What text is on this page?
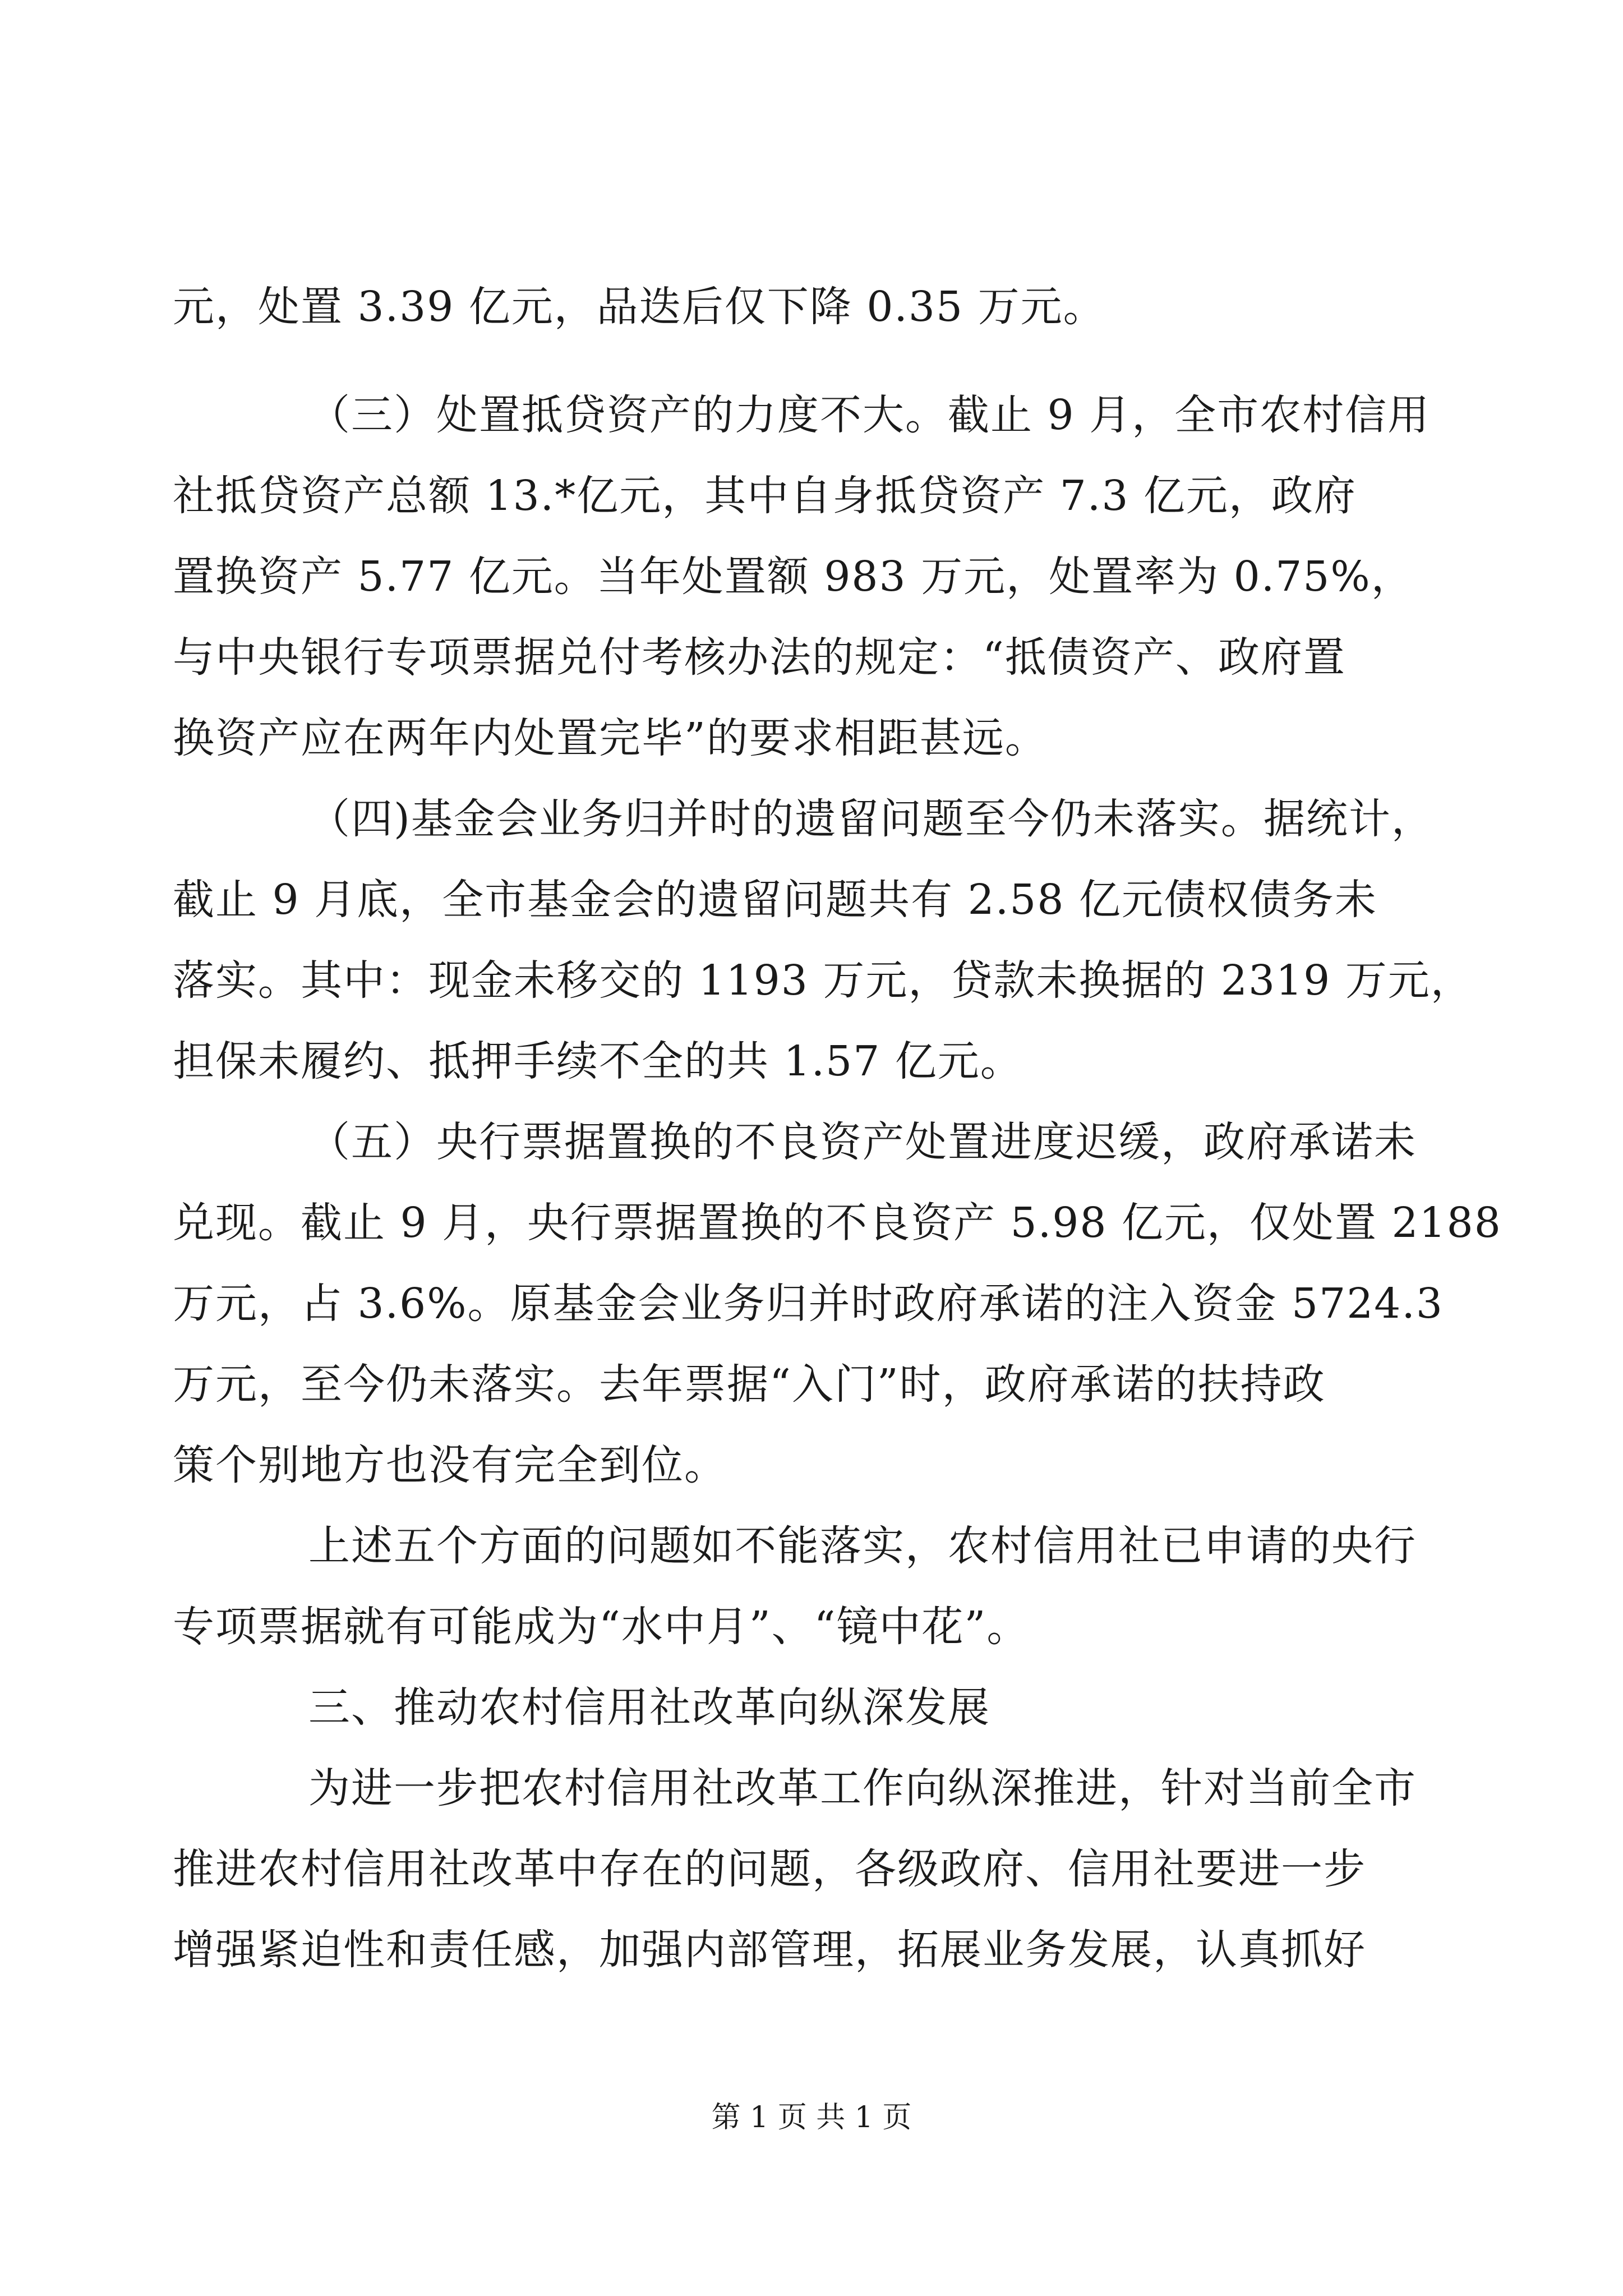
元，处置 3.39 亿元，品迭后仅下降 0.35 万元。
（三）处置抵贷资产的力度不大。截止 9 月，全市农村信用
社抵贷资产总额 13.*亿元，其中自身抵贷资产 7.3 亿元，政府
置换资产 5.77 亿元。当年处置额 983 万元，处置率为 0.75%，
与中央银行专项票据兑付考核办法的规定：“抵债资产、政府置
换资产应在两年内处置完毕”的要求相距甚远。
（四)基金会业务归并时的遗留问题至今仍未落实。据统计，
截止 9 月底，全市基金会的遗留问题共有 2.58 亿元债权债务未
落实。其中：现金未移交的 1193 万元，贷款未换据的 2319 万元，
担保未履约、抵押手续不全的共 1.57 亿元。
（五）央行票据置换的不良资产处置进度迟缓，政府承诺未
兑现。截止 9 月，央行票据置换的不良资产 5.98 亿元，仅处置 2188
万元，占 3.6%。原基金会业务归并时政府承诺的注入资金 5724.3
万元，至今仍未落实。去年票据“入门”时，政府承诺的扶持政
策个别地方也没有完全到位。
上述五个方面的问题如不能落实，农村信用社已申请的央行
专项票据就有可能成为“水中月”、“镜中花”。
三、推动农村信用社改革向纵深发展
为进一步把农村信用社改革工作向纵深推进，针对当前全市
推进农村信用社改革中存在的问题，各级政府、信用社要进一步
增强紧迫性和责任感，加强内部管理，拓展业务发展，认真抓好
第 1 页 共 1 页
